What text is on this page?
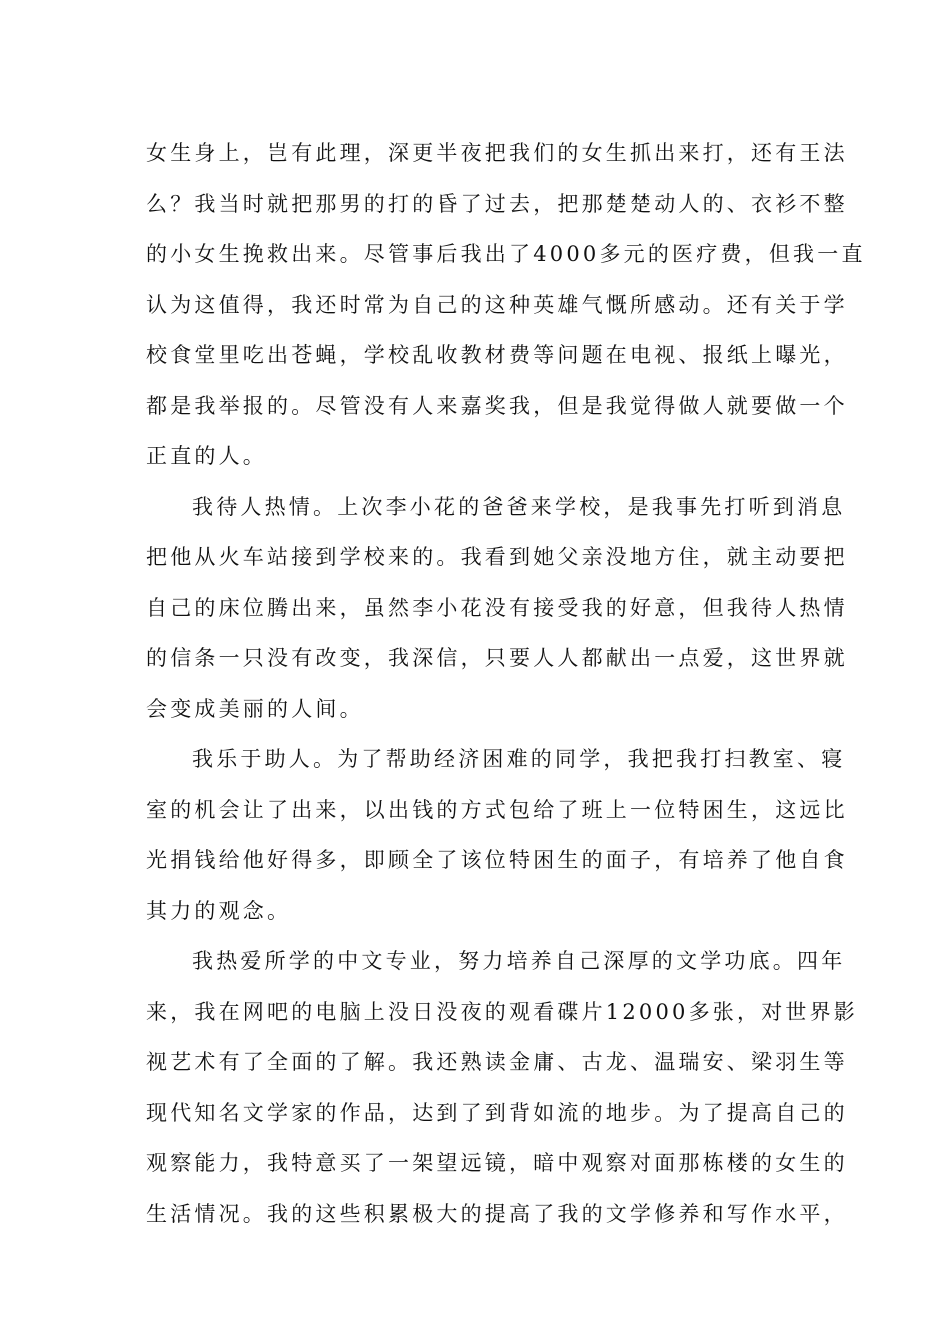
女生身上，岂有此理，深更半夜把我们的女生抓出来打，还有王法
么？我当时就把那男的打的昏了过去，把那楚楚动人的、衣衫不整
的小女生挽救出来。尽管事后我出了4000多元的医疗费，但我一直
认为这值得，我还时常为自己的这种英雄气慨所感动。还有关于学
校食堂里吃出苍蝇，学校乱收教材费等问题在电视、报纸上曝光，
都是我举报的。尽管没有人来嘉奖我，但是我觉得做人就要做一个
正直的人。
我待人热情。上次李小花的爸爸来学校，是我事先打听到消息
把他从火车站接到学校来的。我看到她父亲没地方住，就主动要把
自己的床位腾出来，虽然李小花没有接受我的好意，但我待人热情
的信条一只没有改变，我深信，只要人人都献出一点爱，这世界就
会变成美丽的人间。
我乐于助人。为了帮助经济困难的同学，我把我打扫教室、寝
室的机会让了出来，以出钱的方式包给了班上一位特困生，这远比
光捐钱给他好得多，即顾全了该位特困生的面子，有培养了他自食
其力的观念。
我热爱所学的中文专业，努力培养自己深厚的文学功底。四年
来，我在网吧的电脑上没日没夜的观看碟片12000多张，对世界影
视艺术有了全面的了解。我还熟读金庸、古龙、温瑞安、梁羽生等
现代知名文学家的作品，达到了到背如流的地步。为了提高自己的
观察能力，我特意买了一架望远镜，暗中观察对面那栋楼的女生的
生活情况。我的这些积累极大的提高了我的文学修养和写作水平，
